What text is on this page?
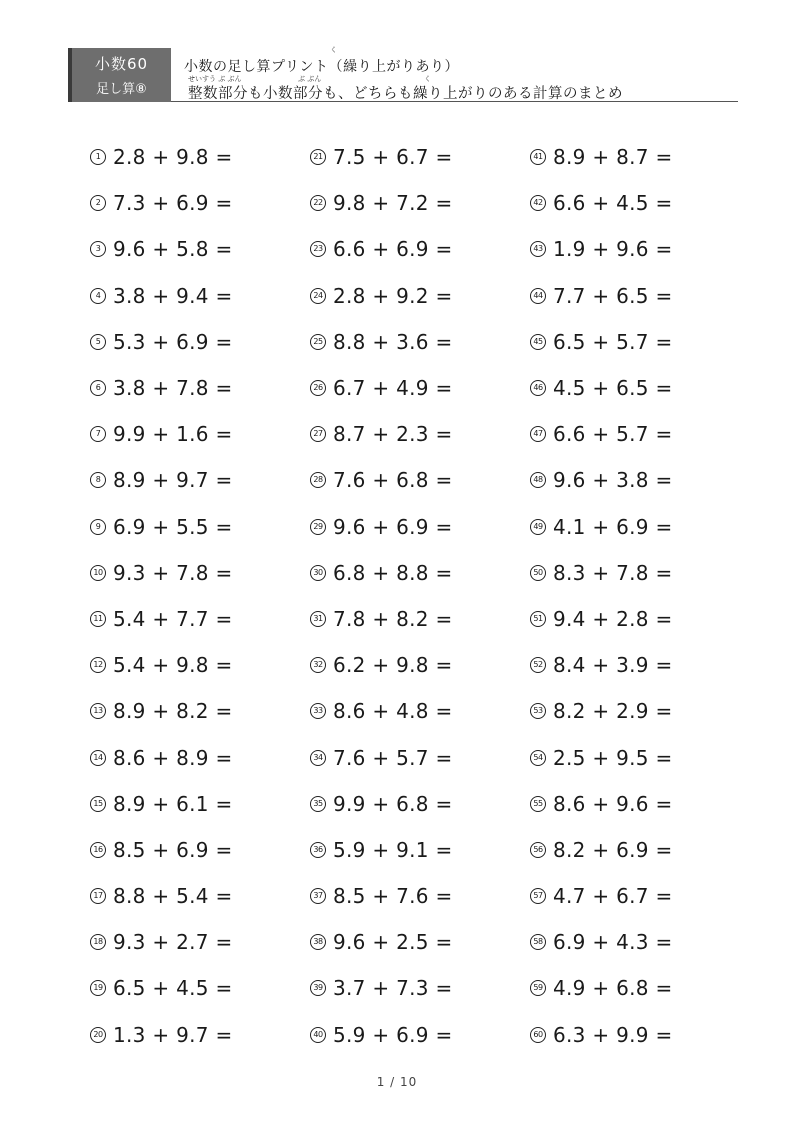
小数60
足し算⑧
く
小数の足し算プリント（繰り上がりあり）
せいすう ぶ ぶん	ぶ ぶん	く
整数部分も小数部分も、どちらも繰り上がりのある計算のまとめ
1 2.8 + 9.8 =
2 7.3 + 6.9 =
3 9.6 + 5.8 =
4 3.8 + 9.4 =
5 5.3 + 6.9 =
6 3.8 + 7.8 =
7 9.9 + 1.6 =
8 8.9 + 9.7 =
9 6.9 + 5.5 =
10 9.3 + 7.8 =
11 5.4 + 7.7 =
12 5.4 + 9.8 =
13 8.9 + 8.2 =
14 8.6 + 8.9 =
15 8.9 + 6.1 =
16 8.5 + 6.9 =
17 8.8 + 5.4 =
18 9.3 + 2.7 =
19 6.5 + 4.5 =
20 1.3 + 9.7 =
21 7.5 + 6.7 =
22 9.8 + 7.2 =
23 6.6 + 6.9 =
24 2.8 + 9.2 =
25 8.8 + 3.6 =
26 6.7 + 4.9 =
27 8.7 + 2.3 =
28 7.6 + 6.8 =
29 9.6 + 6.9 =
30 6.8 + 8.8 =
31 7.8 + 8.2 =
32 6.2 + 9.8 =
33 8.6 + 4.8 =
34 7.6 + 5.7 =
35 9.9 + 6.8 =
36 5.9 + 9.1 =
37 8.5 + 7.6 =
38 9.6 + 2.5 =
39 3.7 + 7.3 =
40 5.9 + 6.9 =
41 8.9 + 8.7 =
42 6.6 + 4.5 =
43 1.9 + 9.6 =
44 7.7 + 6.5 =
45 6.5 + 5.7 =
46 4.5 + 6.5 =
47 6.6 + 5.7 =
48 9.6 + 3.8 =
49 4.1 + 6.9 =
50 8.3 + 7.8 =
51 9.4 + 2.8 =
52 8.4 + 3.9 =
53 8.2 + 2.9 =
54 2.5 + 9.5 =
55 8.6 + 9.6 =
56 8.2 + 6.9 =
57 4.7 + 6.7 =
58 6.9 + 4.3 =
59 4.9 + 6.8 =
60 6.3 + 9.9 =
1 / 10
